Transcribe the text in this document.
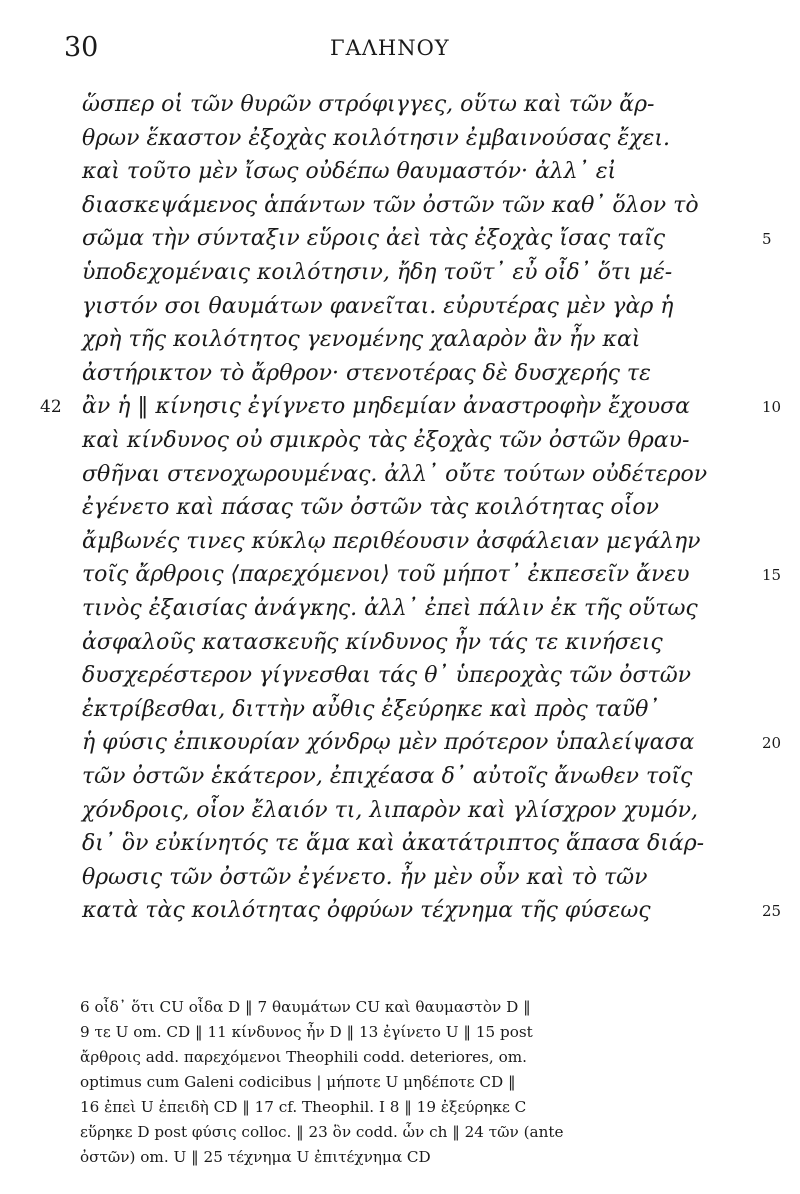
30	ΓΑΛΗΝΟΥ
ὥσπερ οἱ τῶν θυρῶν στρόφιγγες, οὕτω καὶ τῶν ἄρ-
θρων ἕκαστον ἐξοχὰς κοιλότησιν ἐμβαινούσας ἔχει.
καὶ τοῦτο μὲν ἴσως οὐδέπω θαυμαστόν· ἀλλ᾽ εἰ
διασκεψάμενος ἁπάντων τῶν ὀστῶν τῶν καθ᾽ ὅλον τὸ
σῶμα τὴν σύνταξιν εὕροις ἀεὶ τὰς ἐξοχὰς ἴσας ταῖς	5
ὑποδεχομέναις κοιλότησιν, ἤδη τοῦτ᾽ εὖ οἶδ᾽ ὅτι μέ-
γιστόν σοι θαυμάτων φανεῖται. εὐρυτέρας μὲν γὰρ ἡ
χρὴ τῆς κοιλότητος γενομένης χαλαρὸν ἂν ἦν καὶ
ἀστήρικτον τὸ ἄρθρον· στενοτέρας δὲ δυσχερής τε
42 ἂν ἡ ‖ κίνησις ἐγίγνετο μηδεμίαν ἀναστροφὴν ἔχουσα	10
καὶ κίνδυνος οὐ σμικρὸς τὰς ἐξοχὰς τῶν ὀστῶν θραυ-
σθῆναι στενοχωρουμένας. ἀλλ᾽ οὔτε τούτων οὐδέτερον
ἐγένετο καὶ πάσας τῶν ὀστῶν τὰς κοιλότητας οἷον
ἄμβωνές τινες κύκλῳ περιθέουσιν ἀσφάλειαν μεγάλην
τοῖς ἄρθροις ⟨παρεχόμενοι⟩ τοῦ μήποτ᾽ ἐκπεσεῖν ἄνευ	15
τινὸς ἐξαισίας ἀνάγκης. ἀλλ᾽ ἐπεὶ πάλιν ἐκ τῆς οὕτως
ἀσφαλοῦς κατασκευῆς κίνδυνος ἦν τάς τε κινήσεις
δυσχερέστερον γίγνεσθαι τάς θ᾽ ὑπεροχὰς τῶν ὀστῶν
ἐκτρίβεσθαι, διττὴν αὖθις ἐξεύρηκε καὶ πρὸς ταῦθ᾽
ἡ φύσις ἐπικουρίαν χόνδρῳ μὲν πρότερον ὑπαλείψασα	20
τῶν ὀστῶν ἑκάτερον, ἐπιχέασα δ᾽ αὐτοῖς ἄνωθεν τοῖς
χόνδροις, οἷον ἔλαιόν τι, λιπαρὸν καὶ γλίσχρον χυμόν,
δι᾽ ὃν εὐκίνητός τε ἅμα καὶ ἀκατάτριπτος ἅπασα διάρ-
θρωσις τῶν ὀστῶν ἐγένετο. ἦν μὲν οὖν καὶ τὸ τῶν
κατὰ τὰς κοιλότητας ὀφρύων τέχνημα τῆς φύσεως	25
6 οἶδ᾽ ὅτι CU οἶδα D ‖ 7 θαυμάτων CU καὶ θαυμαστὸν D ‖
9 τε U om. CD ‖ 11 κίνδυνος ἦν D ‖ 13 ἐγίνετο U ‖ 15 post
ἄρθροις add. παρεχόμενοι Theophili codd. deteriores, om.
optimus cum Galeni codicibus | μήποτε U μηδέποτε CD ‖
16 ἐπεὶ U ἐπειδὴ CD ‖ 17 cf. Theophil. I 8 ‖ 19 ἐξεύρηκε C
εὕρηκε D post φύσις colloc. ‖ 23 ὃν codd. ὧν ch ‖ 24 τῶν (ante
ὀστῶν) om. U ‖ 25 τέχνημα U ἐπιτέχνημα CD
